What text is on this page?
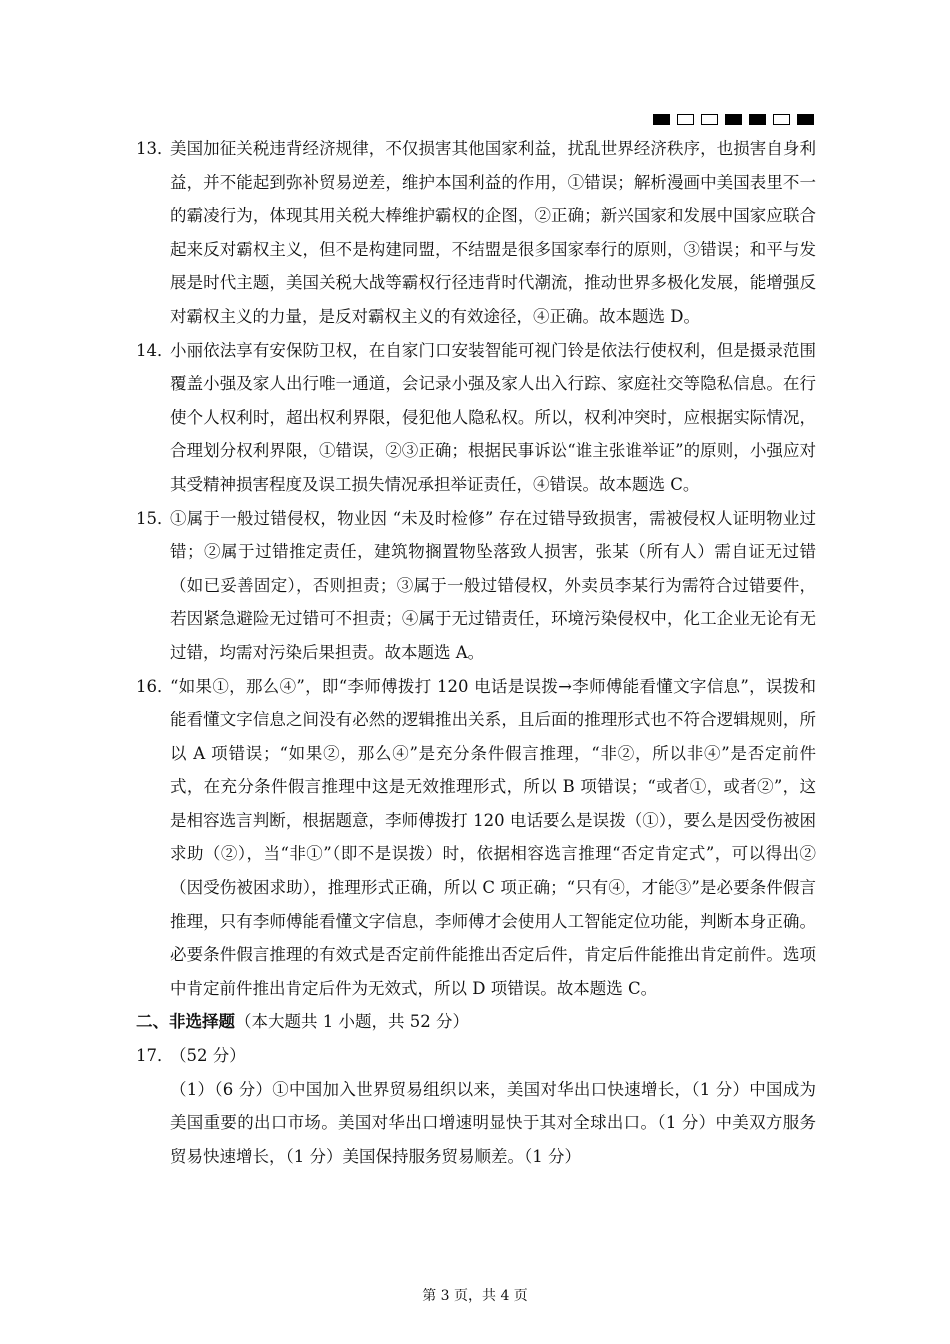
13．
美国加征关税违背经济规律，不仅损害其他国家利益，扰乱世界经济秩序，也损害自身利益，并不能起到弥补贸易逆差，维护本国利益的作用，①错误；解析漫画中美国表里不一的霸凌行为，体现其用关税大棒维护霸权的企图，②正确；新兴国家和发展中国家应联合起来反对霸权主义，但不是构建同盟，不结盟是很多国家奉行的原则，③错误；和平与发展是时代主题，美国关税大战等霸权行径违背时代潮流，推动世界多极化发展，能增强反对霸权主义的力量，是反对霸权主义的有效途径，④正确。故本题选 D。
14．
小丽依法享有安保防卫权，在自家门口安装智能可视门铃是依法行使权利，但是摄录范围覆盖小强及家人出行唯一通道，会记录小强及家人出入行踪、家庭社交等隐私信息。在行使个人权利时，超出权利界限，侵犯他人隐私权。所以，权利冲突时，应根据实际情况，合理划分权利界限，①错误，②③正确；根据民事诉讼“谁主张谁举证”的原则，小强应对其受精神损害程度及误工损失情况承担举证责任，④错误。故本题选 C。
15．
①属于一般过错侵权，物业因 “未及时检修” 存在过错导致损害，需被侵权人证明物业过错；②属于过错推定责任，建筑物搁置物坠落致人损害，张某（所有人）需自证无过错（如已妥善固定），否则担责；③属于一般过错侵权，外卖员李某行为需符合过错要件，若因紧急避险无过错可不担责；④属于无过错责任，环境污染侵权中，化工企业无论有无过错，均需对污染后果担责。故本题选 A。
16．
“如果①，那么④”，即“李师傅拨打 120 电话是误拨→李师傅能看懂文字信息”，误拨和能看懂文字信息之间没有必然的逻辑推出关系，且后面的推理形式也不符合逻辑规则，所以 A 项错误；“如果②，那么④”是充分条件假言推理，“非②，所以非④”是否定前件式，在充分条件假言推理中这是无效推理形式，所以 B 项错误；“或者①，或者②”，这是相容选言判断，根据题意，李师傅拨打 120 电话要么是误拨（①），要么是因受伤被困求助（②），当“非①”（即不是误拨）时，依据相容选言推理“否定肯定式”，可以得出②（因受伤被困求助），推理形式正确，所以 C 项正确；“只有④，才能③”是必要条件假言推理，只有李师傅能看懂文字信息，李师傅才会使用人工智能定位功能，判断本身正确。必要条件假言推理的有效式是否定前件能推出否定后件，肯定后件能推出肯定前件。选项中肯定前件推出肯定后件为无效式，所以 D 项错误。故本题选 C。
二、非选择题（本大题共 1 小题，共 52 分）
17．
（52 分）
（1）（6 分）①中国加入世界贸易组织以来，美国对华出口快速增长，（1 分）中国成为美国重要的出口市场。美国对华出口增速明显快于其对全球出口。（1 分）中美双方服务贸易快速增长，（1 分）美国保持服务贸易顺差。（1 分）
第 3 页，共 4 页
